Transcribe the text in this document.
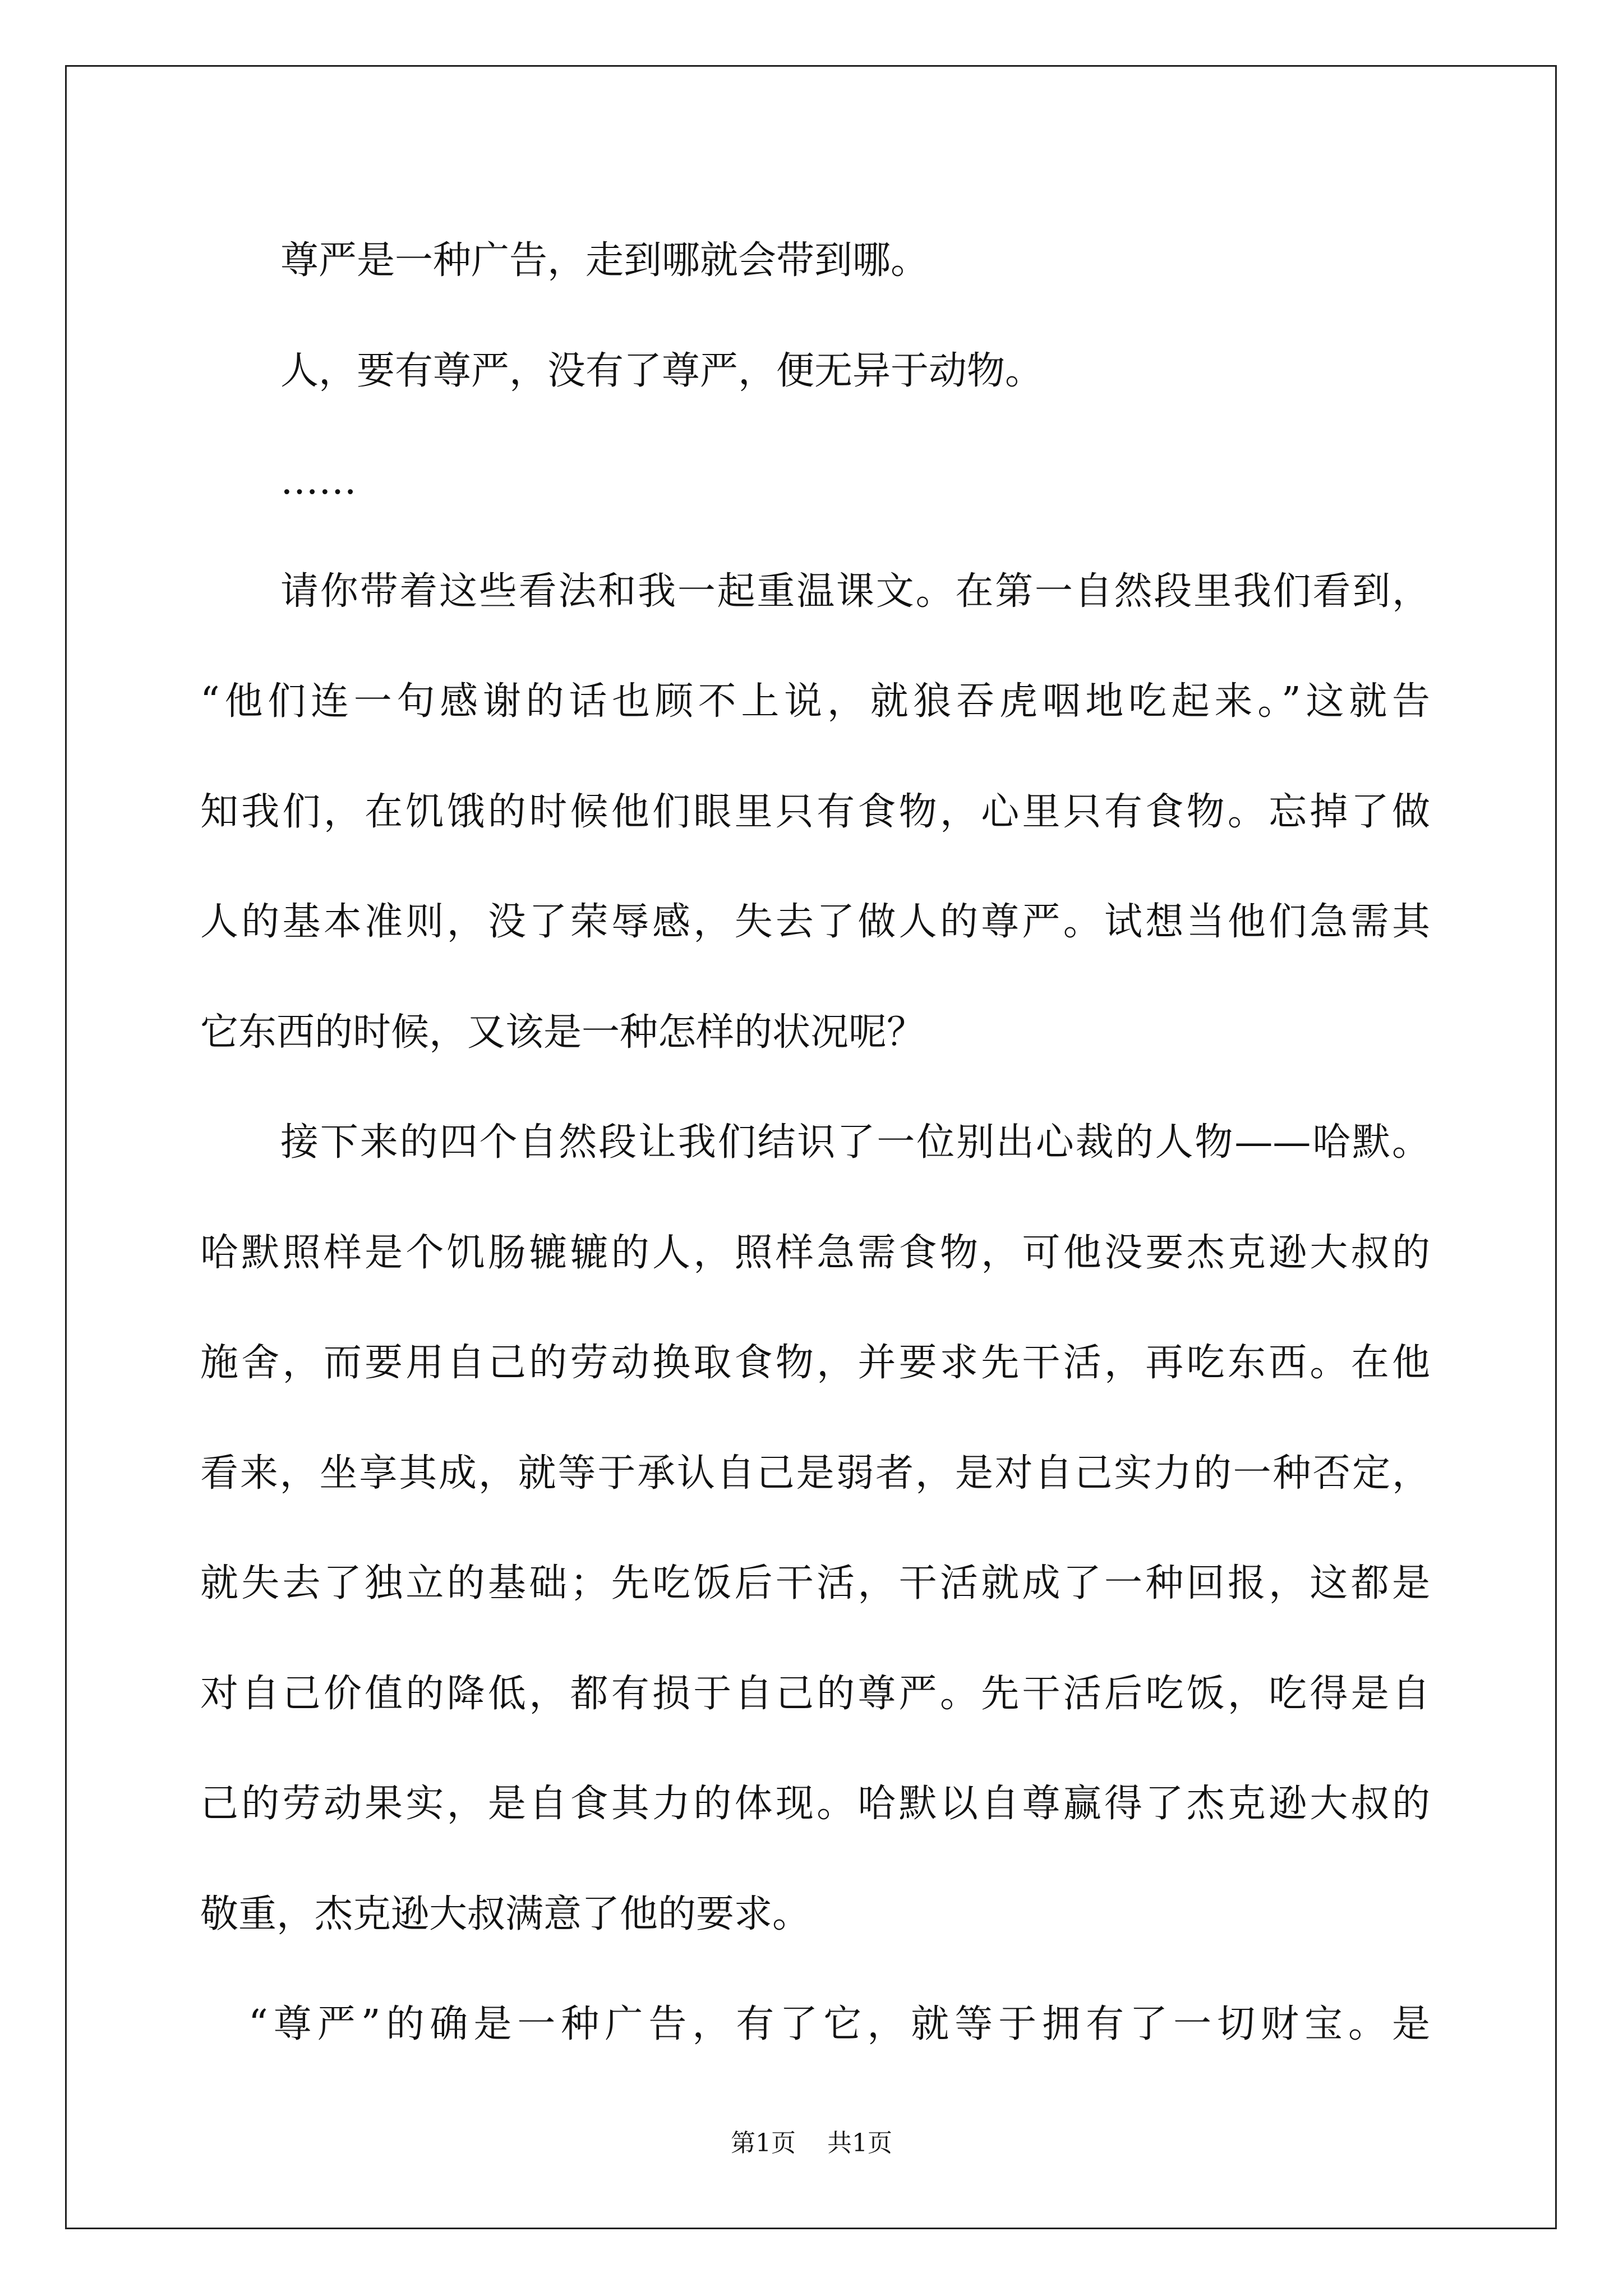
尊严是一种广告，走到哪就会带到哪。
人，要有尊严，没有了尊严，便无异于动物。
……
请你带着这些看法和我一起重温课文。在第一自然段里我们看到，
“他们连一句感谢的话也顾不上说，就狼吞虎咽地吃起来。”这就告
知我们，在饥饿的时候他们眼里只有食物，心里只有食物。忘掉了做
人的基本准则，没了荣辱感，失去了做人的尊严。试想当他们急需其
它东西的时候，又该是一种怎样的状况呢？
接下来的四个自然段让我们结识了一位别出心裁的人物——哈默。
哈默照样是个饥肠辘辘的人，照样急需食物，可他没要杰克逊大叔的
施舍，而要用自己的劳动换取食物，并要求先干活，再吃东西。在他
看来，坐享其成，就等于承认自己是弱者，是对自己实力的一种否定，
就失去了独立的基础；先吃饭后干活，干活就成了一种回报，这都是
对自己价值的降低，都有损于自己的尊严。先干活后吃饭，吃得是自
己的劳动果实，是自食其力的体现。哈默以自尊赢得了杰克逊大叔的
敬重，杰克逊大叔满意了他的要求。
“尊严”的确是一种广告，有了它，就等于拥有了一切财宝。是
第1页 共1页
